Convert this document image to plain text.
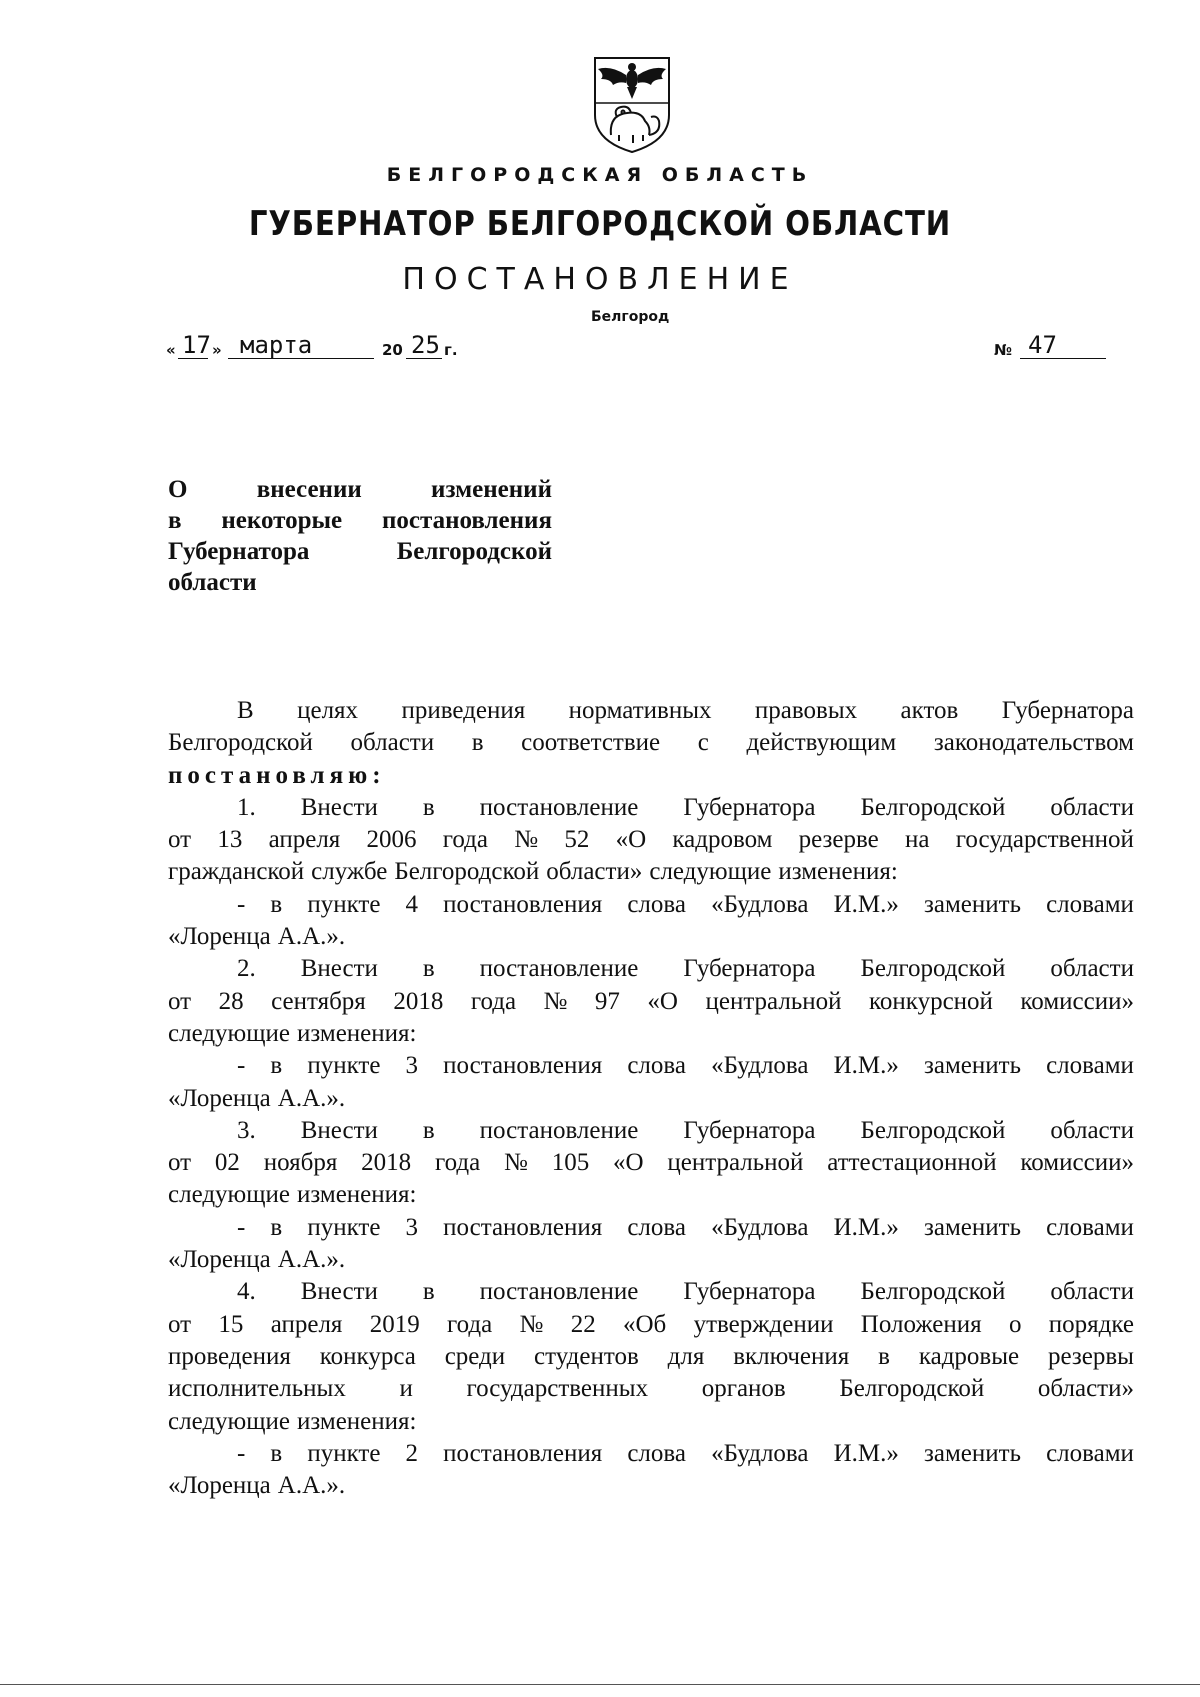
БЕЛГОРОДСКАЯ ОБЛАСТЬ
ГУБЕРНАТОР БЕЛГОРОДСКОЙ ОБЛАСТИ
ПОСТАНОВЛЕНИЕ
Белгород
« 17 » марта	20 25 г.	№ 47
О	внесении	изменений
в некоторые постановления
Губернатора	Белгородской
области
В целях приведения нормативных правовых актов Губернатора
Белгородской области в соответствие с действующим законодательством
постановляю:
1. Внести в постановление Губернатора Белгородской области
от 13 апреля 2006 года № 52 «О кадровом резерве на государственной
гражданской службе Белгородской области» следующие изменения:
- в пункте 4 постановления слова «Будлова И.М.» заменить словами
«Лоренца А.А.».
2. Внести в постановление Губернатора Белгородской области
от 28 сентября 2018 года № 97 «О центральной конкурсной комиссии»
следующие изменения:
- в пункте 3 постановления слова «Будлова И.М.» заменить словами
«Лоренца А.А.».
3. Внести в постановление Губернатора Белгородской области
от 02 ноября 2018 года № 105 «О центральной аттестационной комиссии»
следующие изменения:
- в пункте 3 постановления слова «Будлова И.М.» заменить словами
«Лоренца А.А.».
4. Внести в постановление Губернатора Белгородской области
от 15 апреля 2019 года № 22 «Об утверждении Положения о порядке
проведения конкурса среди студентов для включения в кадровые резервы
исполнительных и государственных органов Белгородской области»
следующие изменения:
- в пункте 2 постановления слова «Будлова И.М.» заменить словами
«Лоренца А.А.».
